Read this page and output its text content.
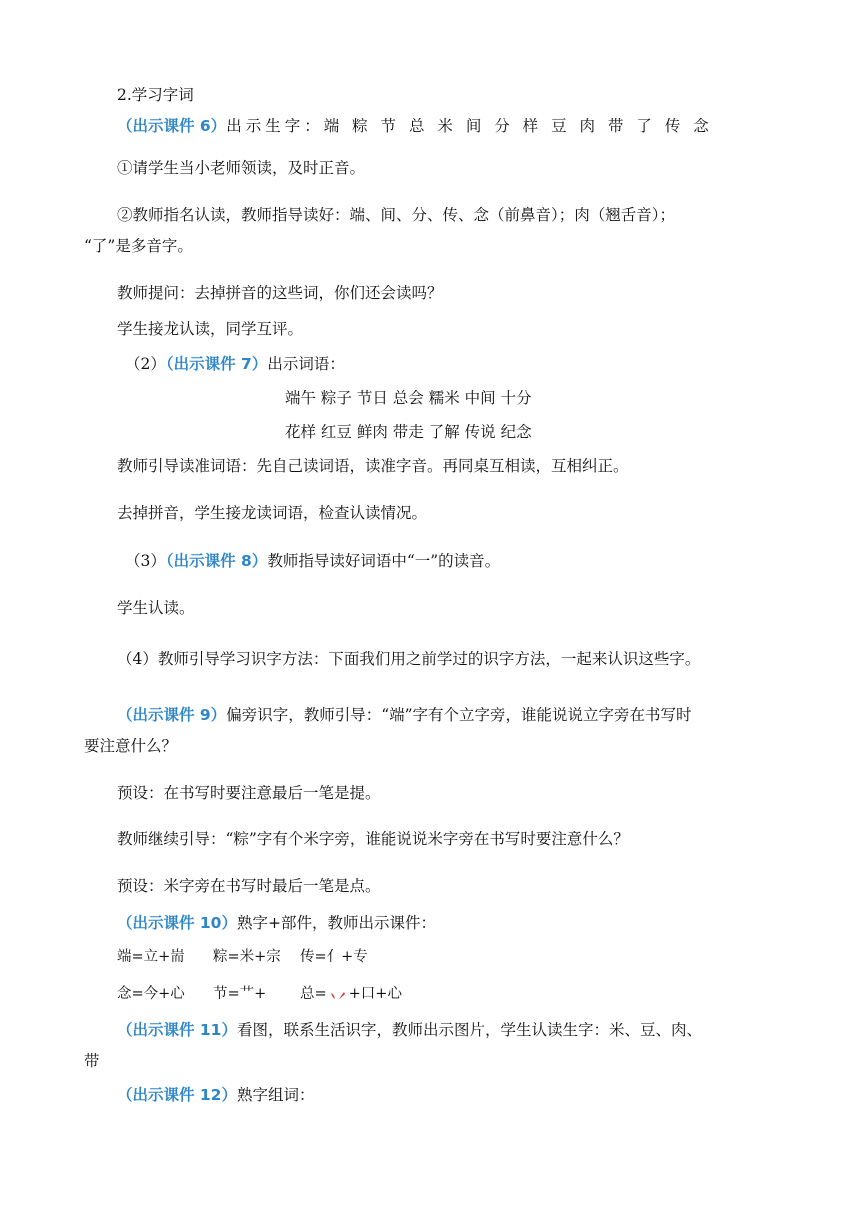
2.学习字词
（出示课件 6）出示生字：端 粽 节 总 米 间 分 样 豆 肉 带 了 传 念
①请学生当小老师领读，及时正音。
②教师指名认读，教师指导读好：端、间、分、传、念（前鼻音）；肉（翘舌音）；
“了”是多音字。
教师提问：去掉拼音的这些词，你们还会读吗？
学生接龙认读，同学互评。
（2）（出示课件 7）出示词语：
端午 粽子 节日 总会 糯米 中间 十分
花样 红豆 鲜肉 带走 了解 传说 纪念
教师引导读准词语：先自己读词语，读准字音。再同桌互相读，互相纠正。
去掉拼音，学生接龙读词语，检查认读情况。
（3）（出示课件 8）教师指导读好词语中“一”的读音。
学生认读。
（4）教师引导学习识字方法：下面我们用之前学过的识字方法，一起来认识这些字。
（出示课件 9）偏旁识字，教师引导：“端”字有个立字旁，谁能说说立字旁在书写时
要注意什么？
预设：在书写时要注意最后一笔是提。
教师继续引导：“粽”字有个米字旁，谁能说说米字旁在书写时要注意什么？
预设：米字旁在书写时最后一笔是点。
（出示课件 10）熟字+部件，教师出示课件：
端=立+耑 粽=米+宗 传=亻+专
念=今+心 节=艹+ 总= +口+心
（出示课件 11）看图，联系生活识字，教师出示图片，学生认读生字：米、豆、肉、
带
（出示课件 12）熟字组词：
